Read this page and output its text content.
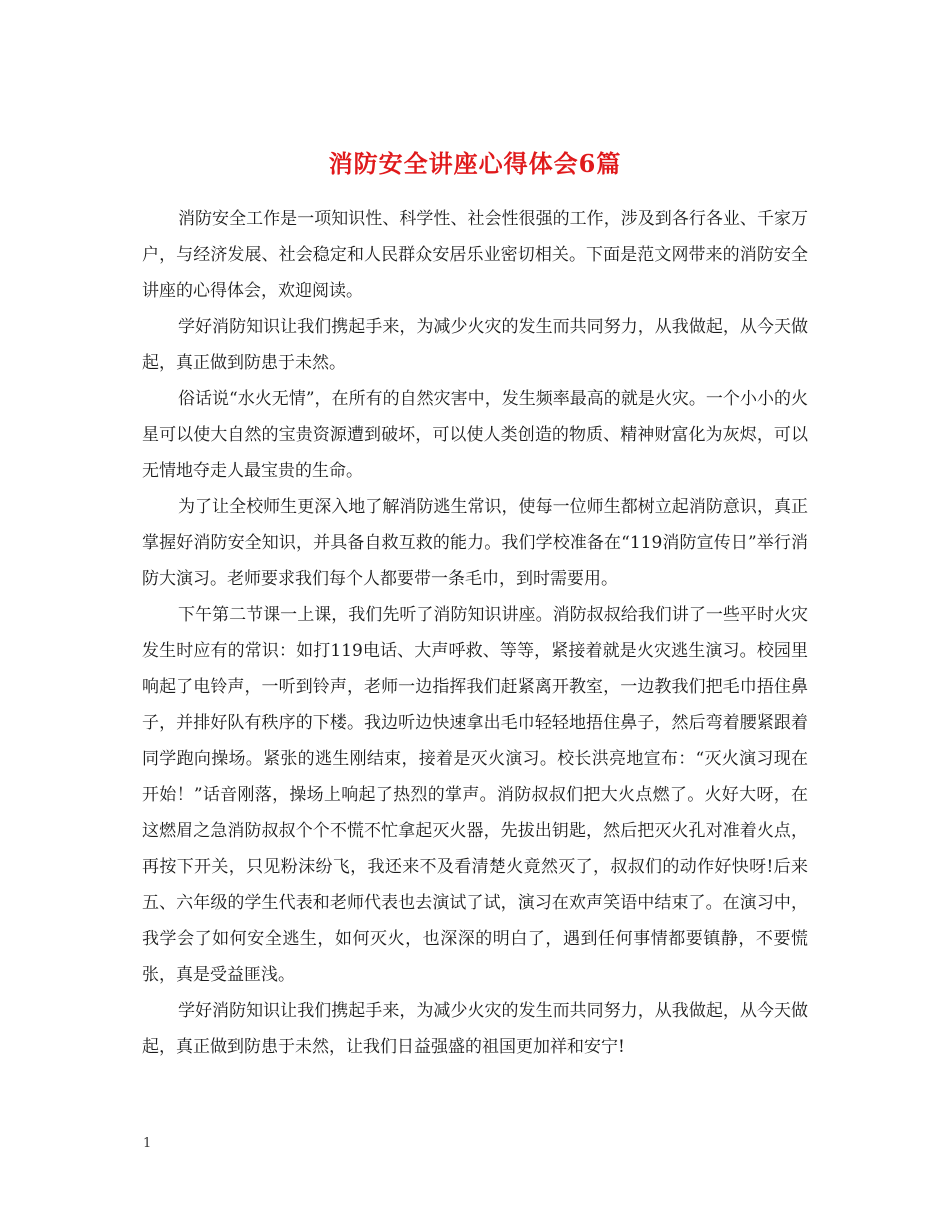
消防安全讲座心得体会6篇

消防安全工作是一项知识性、科学性、社会性很强的工作，涉及到各行各业、千家万户，与经济发展、社会稳定和人民群众安居乐业密切相关。下面是范文网带来的消防安全讲座的心得体会，欢迎阅读。

学好消防知识让我们携起手来，为减少火灾的发生而共同努力，从我做起，从今天做起，真正做到防患于未然。

俗话说“水火无情”，在所有的自然灾害中，发生频率最高的就是火灾。一个小小的火星可以使大自然的宝贵资源遭到破坏，可以使人类创造的物质、精神财富化为灰烬，可以无情地夺走人最宝贵的生命。

为了让全校师生更深入地了解消防逃生常识，使每一位师生都树立起消防意识，真正掌握好消防安全知识，并具备自救互救的能力。我们学校准备在“119消防宣传日”举行消防大演习。老师要求我们每个人都要带一条毛巾，到时需要用。

下午第二节课一上课，我们先听了消防知识讲座。消防叔叔给我们讲了一些平时火灾发生时应有的常识：如打119电话、大声呼救、等等，紧接着就是火灾逃生演习。校园里响起了电铃声，一听到铃声，老师一边指挥我们赶紧离开教室，一边教我们把毛巾捂住鼻子，并排好队有秩序的下楼。我边听边快速拿出毛巾轻轻地捂住鼻子，然后弯着腰紧跟着同学跑向操场。紧张的逃生刚结束，接着是灭火演习。校长洪亮地宣布：“灭火演习现在开始！”话音刚落，操场上响起了热烈的掌声。消防叔叔们把大火点燃了。火好大呀，在这燃眉之急消防叔叔个个不慌不忙拿起灭火器，先拔出钥匙，然后把灭火孔对准着火点，再按下开关，只见粉沫纷飞，我还来不及看清楚火竟然灭了，叔叔们的动作好快呀!后来五、六年级的学生代表和老师代表也去演试了试，演习在欢声笑语中结束了。在演习中，我学会了如何安全逃生，如何灭火，也深深的明白了，遇到任何事情都要镇静，不要慌张，真是受益匪浅。

学好消防知识让我们携起手来，为减少火灾的发生而共同努力，从我做起，从今天做起，真正做到防患于未然，让我们日益强盛的祖国更加祥和安宁!

1
